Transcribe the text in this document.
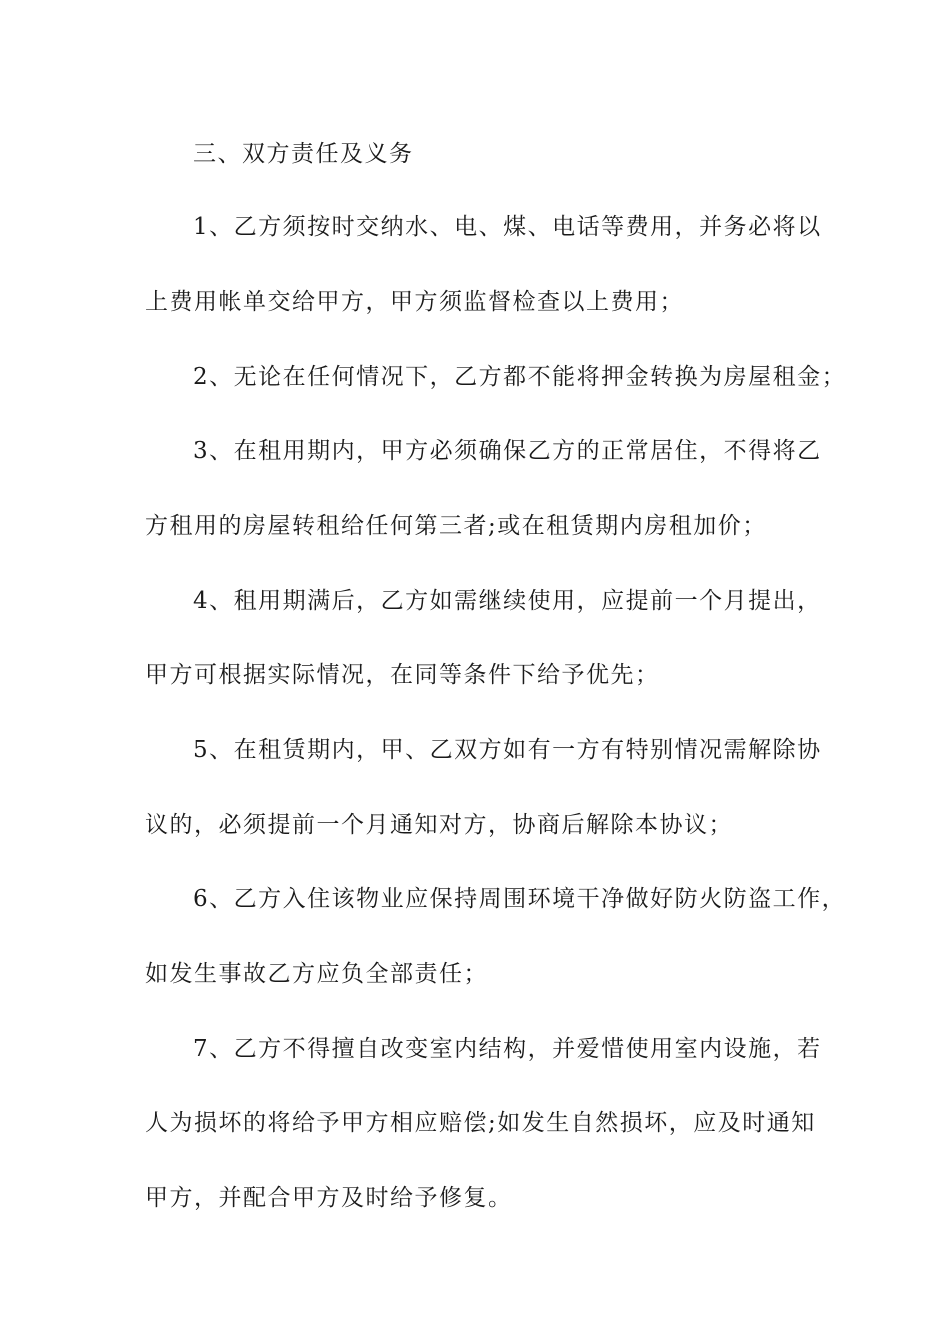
三、双方责任及义务
1、乙方须按时交纳水、电、煤、电话等费用，并务必将以
上费用帐单交给甲方，甲方须监督检查以上费用；
2、无论在任何情况下，乙方都不能将押金转换为房屋租金；
3、在租用期内，甲方必须确保乙方的正常居住，不得将乙
方租用的房屋转租给任何第三者;或在租赁期内房租加价；
4、租用期满后，乙方如需继续使用，应提前一个月提出，
甲方可根据实际情况，在同等条件下给予优先；
5、在租赁期内，甲、乙双方如有一方有特别情况需解除协
议的，必须提前一个月通知对方，协商后解除本协议；
6、乙方入住该物业应保持周围环境干净做好防火防盗工作，
如发生事故乙方应负全部责任；
7、乙方不得擅自改变室内结构，并爱惜使用室内设施，若
人为损坏的将给予甲方相应赔偿;如发生自然损坏，应及时通知
甲方，并配合甲方及时给予修复。
